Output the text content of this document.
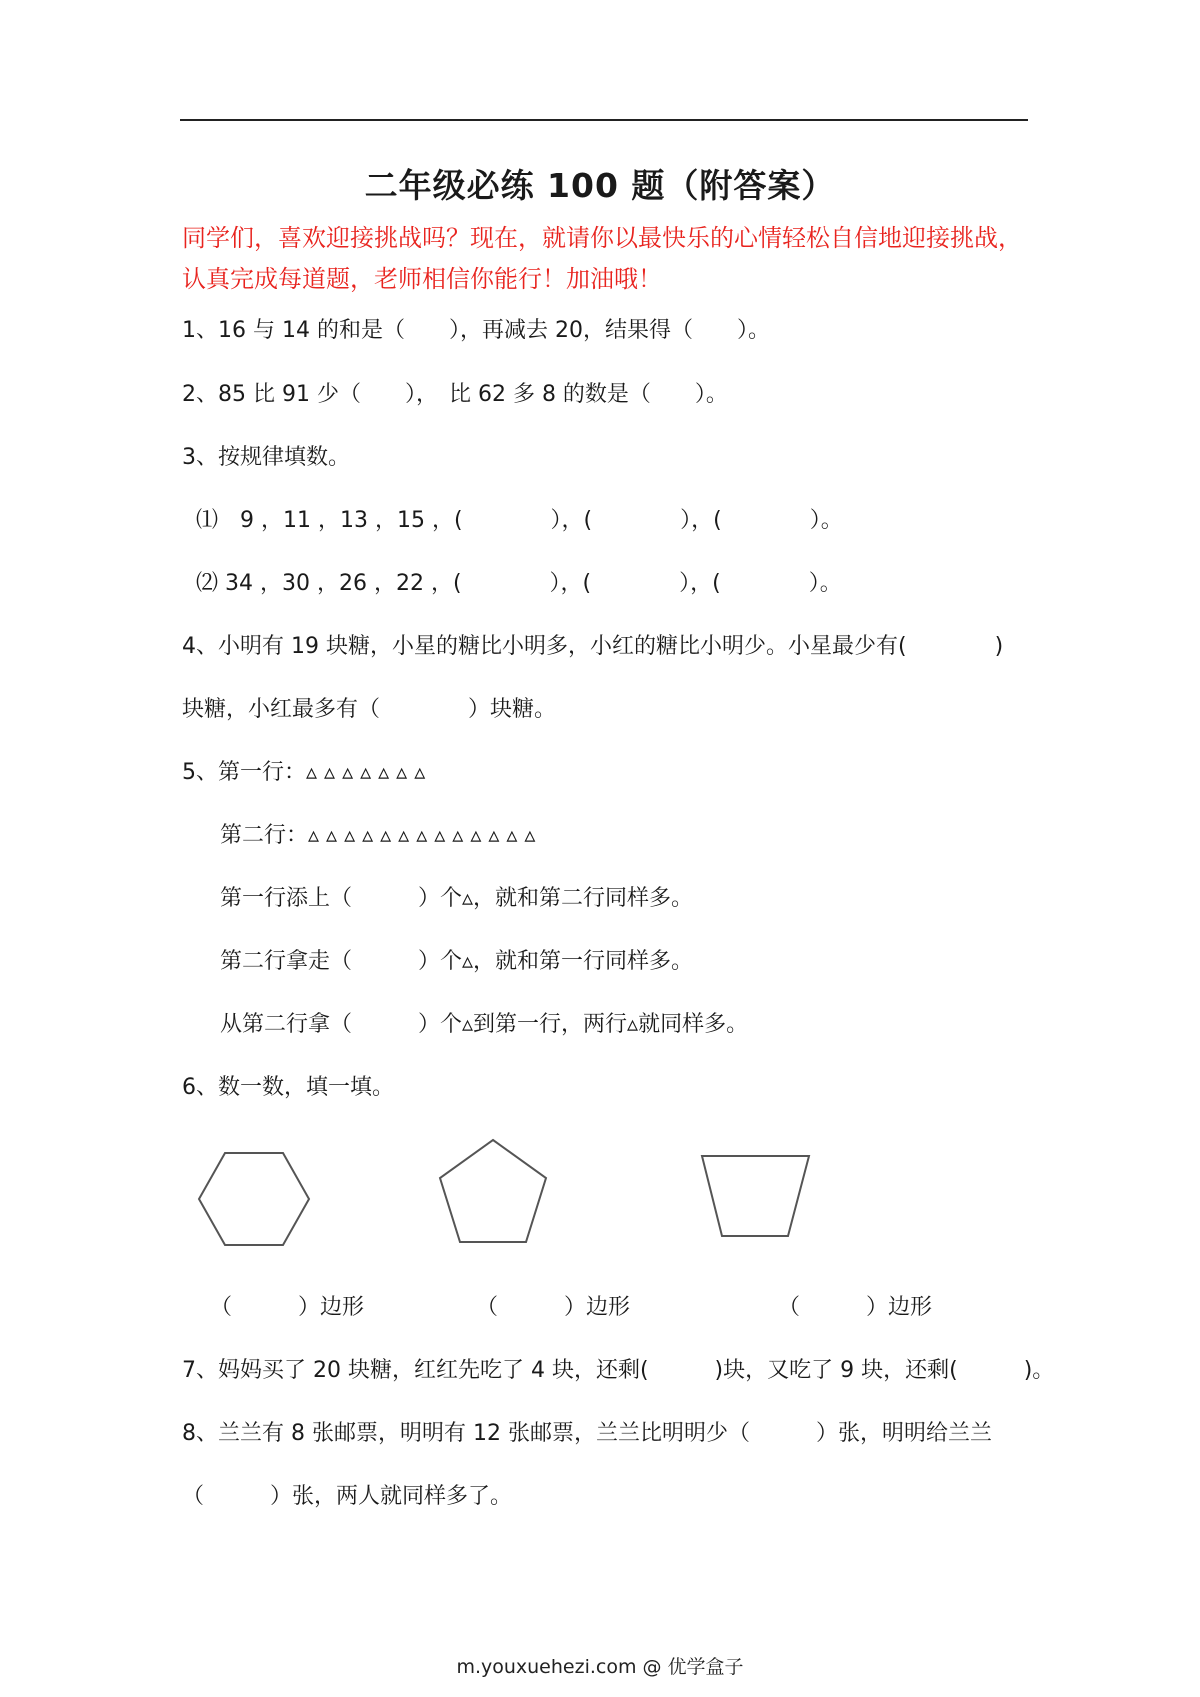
二年级必练 100 题（附答案）
同学们，喜欢迎接挑战吗？现在，就请你以最快乐的心情轻松自信地迎接挑战，
认真完成每道题，老师相信你能行！加油哦！
1、16 与 14 的和是（　　），再减去 20，结果得（　　）。
2、85 比 91 少（　　），　比 62 多 8 的数是（　　）。
3、按规律填数。
⑴　9 ，11 ，13 ，15 ，(　　　　），(　　　　），(　　　　）。
⑵ 34 ，30 ，26 ，22 ，(　　　　），(　　　　），(　　　　）。
4、小明有 19 块糖，小星的糖比小明多，小红的糖比小明少。小星最少有(　　　　)
块糖，小红最多有（　　　　）块糖。
5、第一行：▵ ▵ ▵ ▵ ▵ ▵ ▵
第二行：▵ ▵ ▵ ▵ ▵ ▵ ▵ ▵ ▵ ▵ ▵ ▵ ▵
第一行添上（　　　）个▵，就和第二行同样多。
第二行拿走（　　　）个▵，就和第一行同样多。
从第二行拿（　　　）个▵到第一行，两行▵就同样多。
6、数一数，填一填。
（　　　）边形	（　　　）边形	（　　　）边形
7、妈妈买了 20 块糖，红红先吃了 4 块，还剩(　　　)块，又吃了 9 块，还剩(　　　)。
8、兰兰有 8 张邮票，明明有 12 张邮票，兰兰比明明少（　　　）张，明明给兰兰
（　　　）张，两人就同样多了。
m.youxuehezi.com @ 优学盒子
